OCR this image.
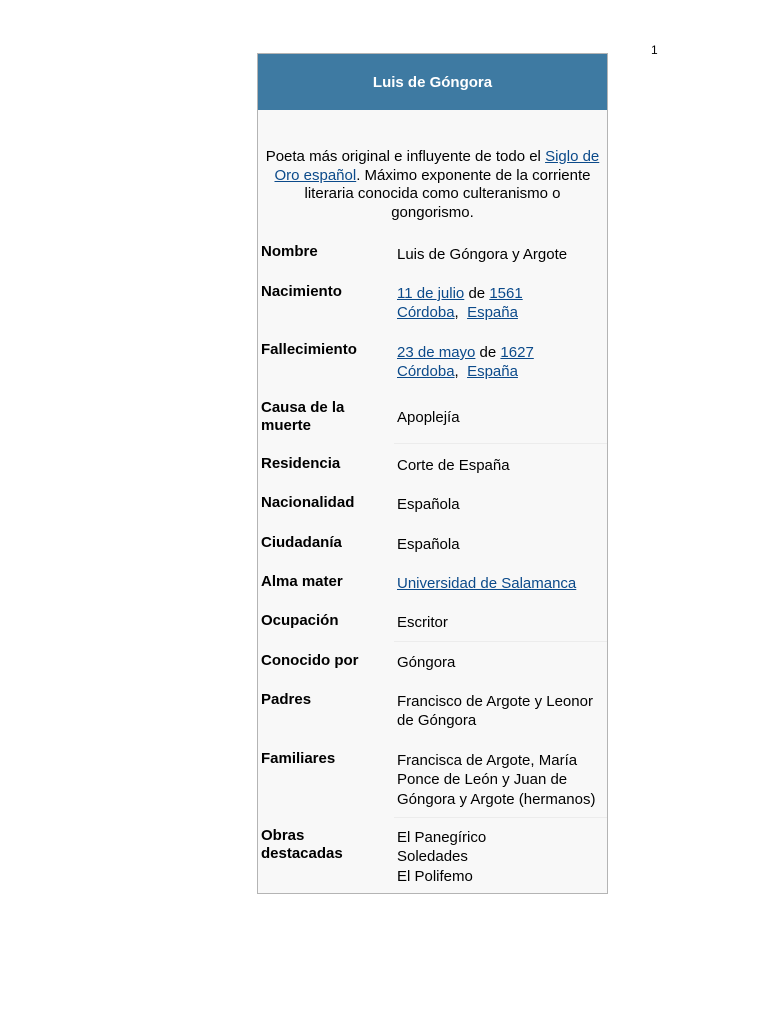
1
Luis de Góngora
Poeta más original e influyente de todo el Siglo de Oro español. Máximo exponente de la corriente literaria conocida como culteranismo o gongorismo.
Nombre	Luis de Góngora y Argote
Nacimiento	11 de julio de 1561
Córdoba,  España
Fallecimiento	23 de mayo de 1627
Córdoba,  España
Causa de la muerte	Apoplejía
Residencia	Corte de España
Nacionalidad	Española
Ciudadanía	Española
Alma mater	Universidad de Salamanca
Ocupación	Escritor
Conocido por	Góngora
Padres	Francisco de Argote y Leonor de Góngora
Familiares	Francisca de Argote, María Ponce de León y Juan de Góngora y Argote (hermanos)
Obras destacadas
El Panegírico
Soledades
El Polifemo
